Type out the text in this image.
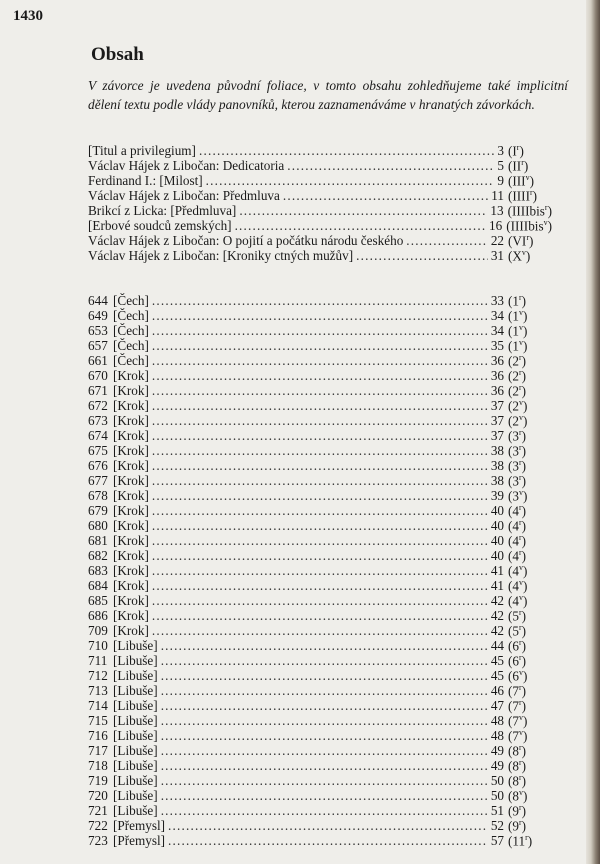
1430
Obsah
V závorce je uvedena původní foliace, v tomto obsahu zohledňujeme také implicitní dělení textu podle vlády panovníků, kterou zaznamenáváme v hranatých závorkách.
[Titul a privilegium] .....	3 $(I^r)$
Václav Hájek z Libočan: Dedicatoria .....	5 $(II^r)$
Ferdinand I.: [Milost] .....	9 (III$^v$)
Václav Hájek z Libočan: Předmluva .....	11 (IIII$^r$)
Brikcí z Licka: [Předmluva] .....	13 (IIIIbis$^r$)
[Erbové soudců zemských] .....	16 (IIIIbis$^v$)
Václav Hájek z Libočan: O pojití a počátku národu českého .....	22 $(VI^r)$
Václav Hájek z Libočan: [Kroniky ctných mužův] .....	31 $(X^v)$
644 [Čech] .....	33 (1$^r$)
649 [Čech] .....	34 (1$^v$)
653 [Čech] .....	34 (1$^v$)
657 [Čech] .....	35 (1$^v$)
661 [Čech] .....	36 (2$^r$)
670 [Krok] .....	36 (2$^r$)
671 [Krok] .....	36 (2$^r$)
672 [Krok] .....	37 (2$^v$)
673 [Krok] .....	37 (2$^v$)
674 [Krok] .....	37 (3$^r$)
675 [Krok] .....	38 (3$^r$)
676 [Krok] .....	38 (3$^r$)
677 [Krok] .....	38 (3$^r$)
678 [Krok] .....	39 (3$^v$)
679 [Krok] .....	40 (4$^r$)
680 [Krok] .....	40 (4$^r$)
681 [Krok] .....	40 (4$^r$)
682 [Krok] .....	40 (4$^r$)
683 [Krok] .....	41 (4$^v$)
684 [Krok] .....	41 (4$^v$)
685 [Krok] .....	42 (4$^v$)
686 [Krok] .....	42 (5$^r$)
709 [Krok] .....	42 (5$^r$)
710 [Libuše] .....	44 (6$^r$)
711 [Libuše] .....	45 (6$^r$)
712 [Libuše] .....	45 (6$^v$)
713 [Libuše] .....	46 (7$^r$)
714 [Libuše] .....	47 (7$^r$)
715 [Libuše] .....	48 (7$^v$)
716 [Libuše] .....	48 (7$^v$)
717 [Libuše] .....	49 (8$^r$)
718 [Libuše] .....	49 (8$^r$)
719 [Libuše] .....	50 (8$^r$)
720 [Libuše] .....	50 (8$^v$)
721 [Libuše] .....	51 (9$^r$)
722 [Přemysl] .....	52 (9$^r$)
723 [Přemysl] .....	57 (11$^r$)
